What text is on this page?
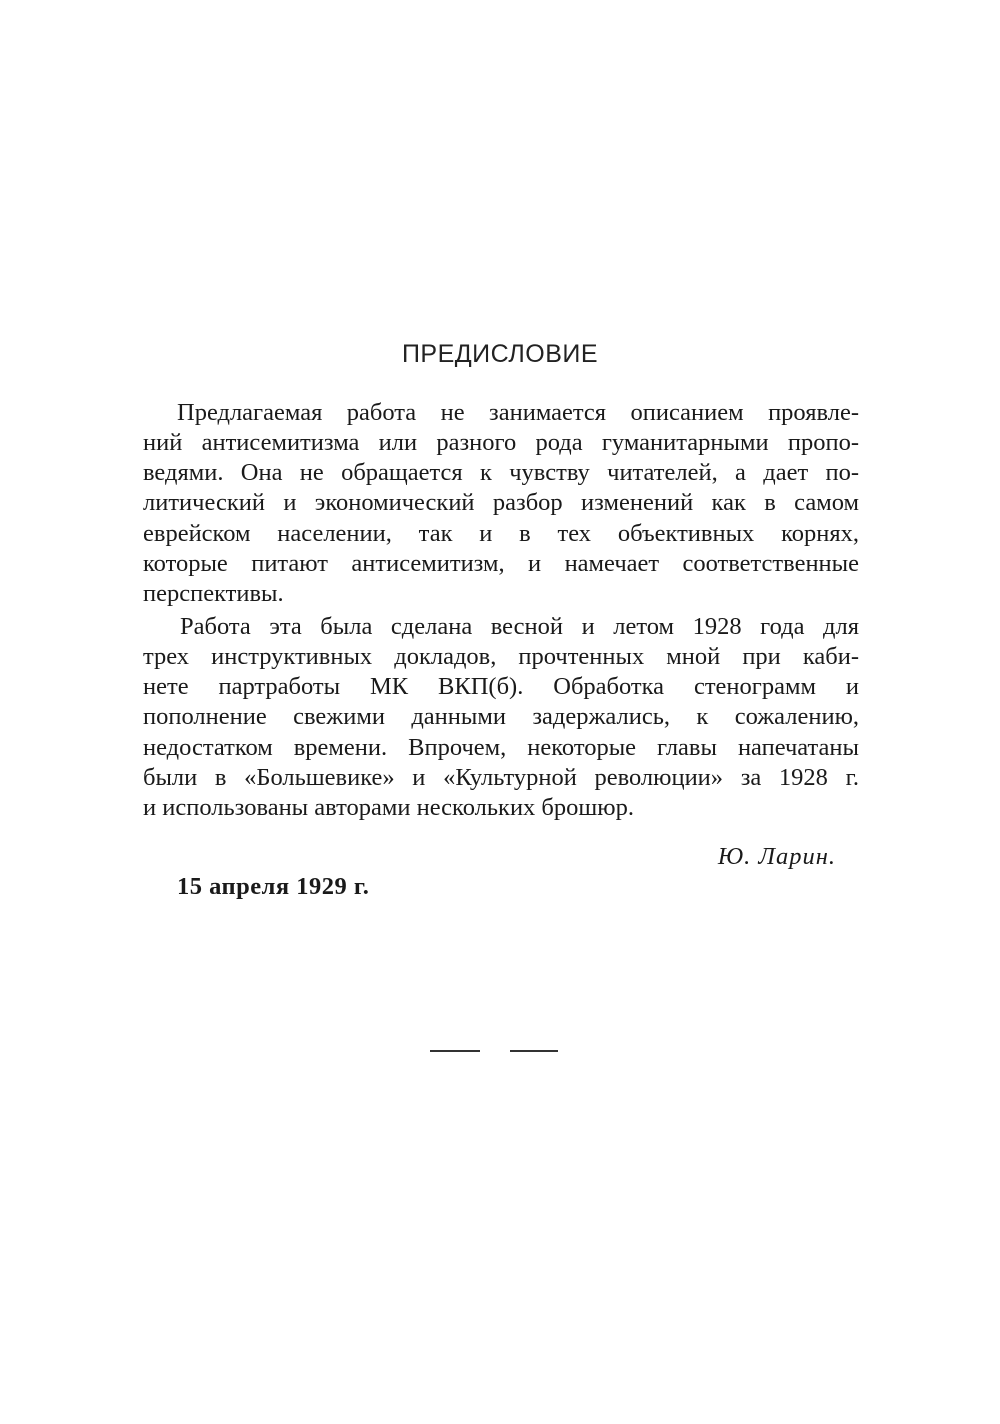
ПРЕДИСЛОВИЕ
Предлагаемая работа не занимается описанием проявле-
ний антисемитизма или разного рода гуманитарными пропо-
ведями. Она не обращается к чувству читателей, а дает по-
литический и экономический разбор изменений как в самом
еврейском населении, так и в тех объективных корнях,
которые питают антисемитизм, и намечает соответственные
перспективы.
Работа эта была сделана весной и летом 1928 года для
трех инструктивных докладов, прочтенных мной при каби-
нете партработы МК ВКП(б). Обработка стенограмм и
пополнение свежими данными задержались, к сожалению,
недостатком времени. Впрочем, некоторые главы напечатаны
были в «Большевике» и «Культурной революции» за 1928 г.
и использованы авторами нескольких брошюр.
Ю. Ларин.
15 апреля 1929 г.
